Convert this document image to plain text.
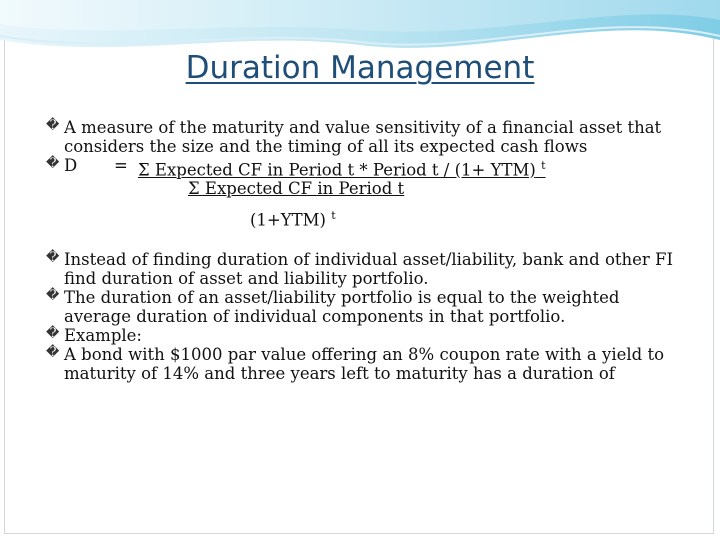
Duration Management
� A measure of the maturity and value sensitivity of a financial asset that considers the size and the timing of all its expected cash flows
� D = Σ Expected CF in Period t * Period t / (1+ YTM) $^t$
Σ Expected CF in Period t
(1+YTM) $^t$
� Instead of finding duration of individual asset/liability, bank and other FI find duration of asset and liability portfolio.
� The duration of an asset/liability portfolio is equal to the weighted average duration of individual components in that portfolio.
� Example:
� A bond with $1000 par value offering an 8% coupon rate with a yield to maturity of 14% and three years left to maturity has a duration of
